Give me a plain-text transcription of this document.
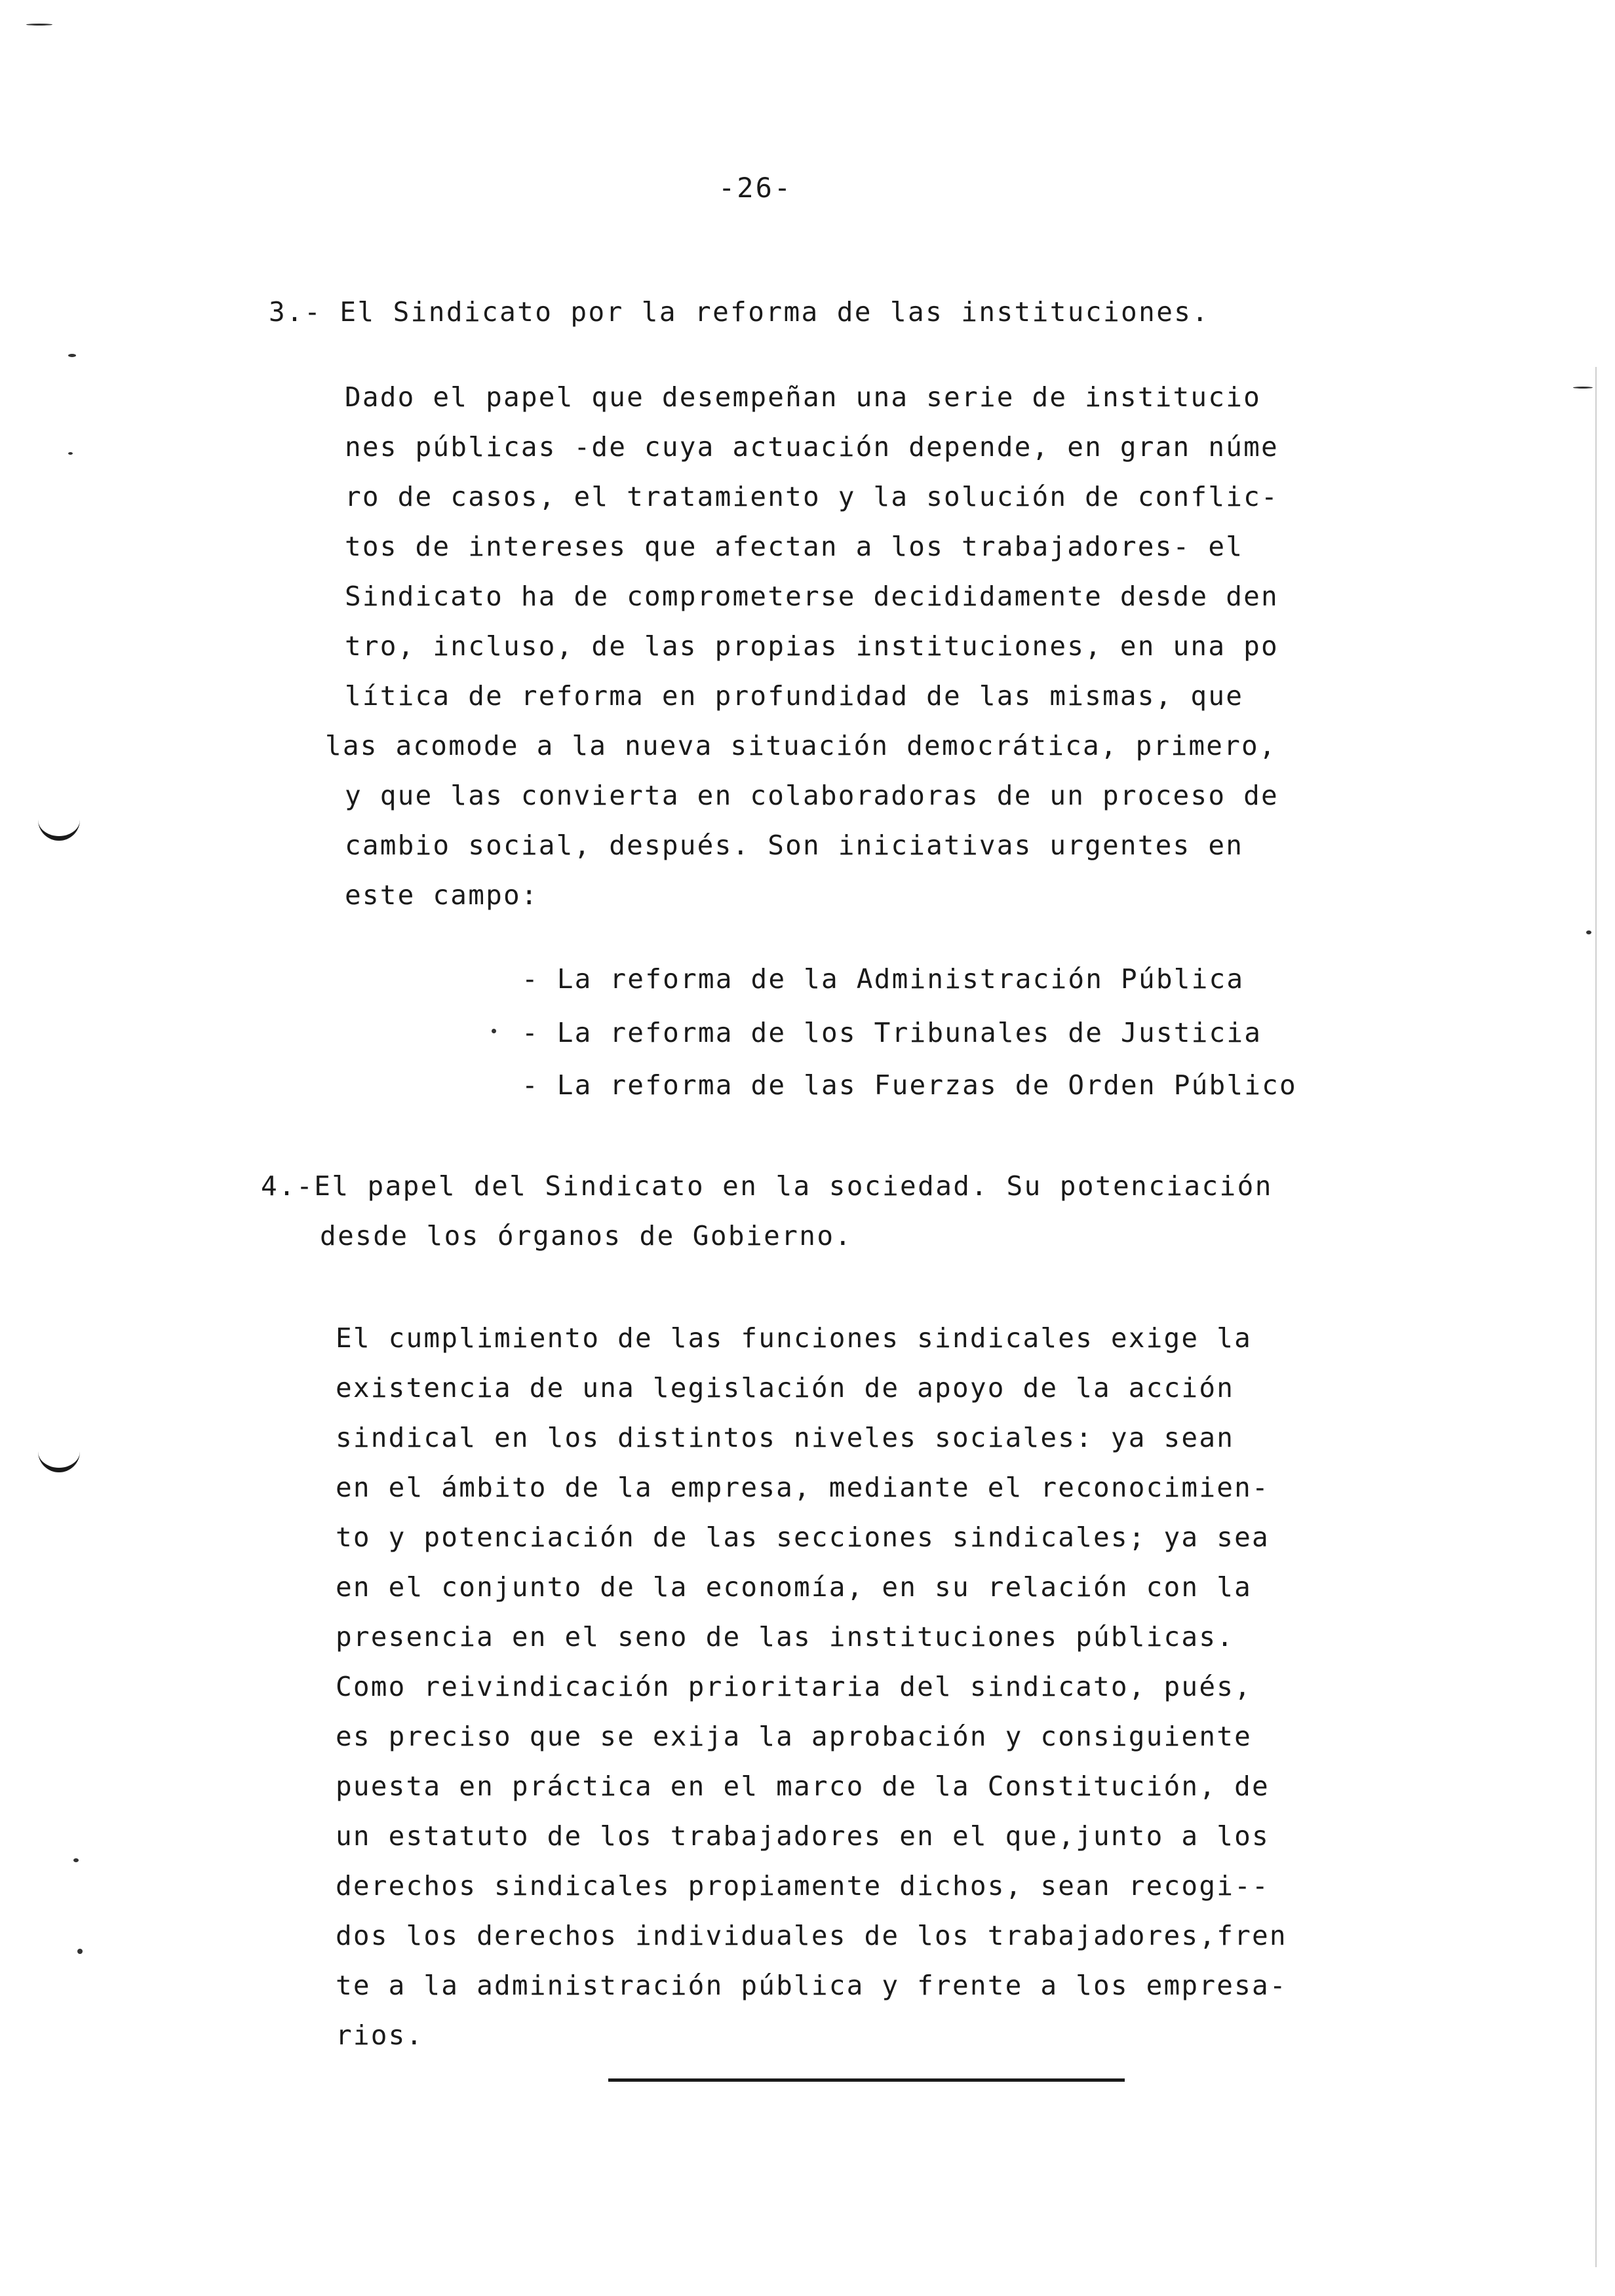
-26-
3.- El Sindicato por la reforma de las instituciones.
Dado el papel que desempeñan una serie de institucio
nes públicas -de cuya actuación depende, en gran núme
ro de casos, el tratamiento y la solución de conflic-
tos de intereses que afectan a los trabajadores- el
Sindicato ha de comprometerse decididamente desde den
tro, incluso, de las propias instituciones, en una po
lítica de reforma en profundidad de las mismas, que
las acomode a la nueva situación democrática, primero,
y que las convierta en colaboradoras de un proceso de
cambio social, después. Son iniciativas urgentes en
este campo:
- La reforma de la Administración Pública
- La reforma de los Tribunales de Justicia
- La reforma de las Fuerzas de Orden Público
4.-El papel del Sindicato en la sociedad. Su potenciación
desde los órganos de Gobierno.
El cumplimiento de las funciones sindicales exige la
existencia de una legislación de apoyo de la acción
sindical en los distintos niveles sociales: ya sean
en el ámbito de la empresa, mediante el reconocimien-
to y potenciación de las secciones sindicales; ya sea
en el conjunto de la economía, en su relación con la
presencia en el seno de las instituciones públicas.
Como reivindicación prioritaria del sindicato, pués,
es preciso que se exija la aprobación y consiguiente
puesta en práctica en el marco de la Constitución, de
un estatuto de los trabajadores en el que,junto a los
derechos sindicales propiamente dichos, sean recogi--
dos los derechos individuales de los trabajadores,fren
te a la administración pública y frente a los empresa-
rios.
